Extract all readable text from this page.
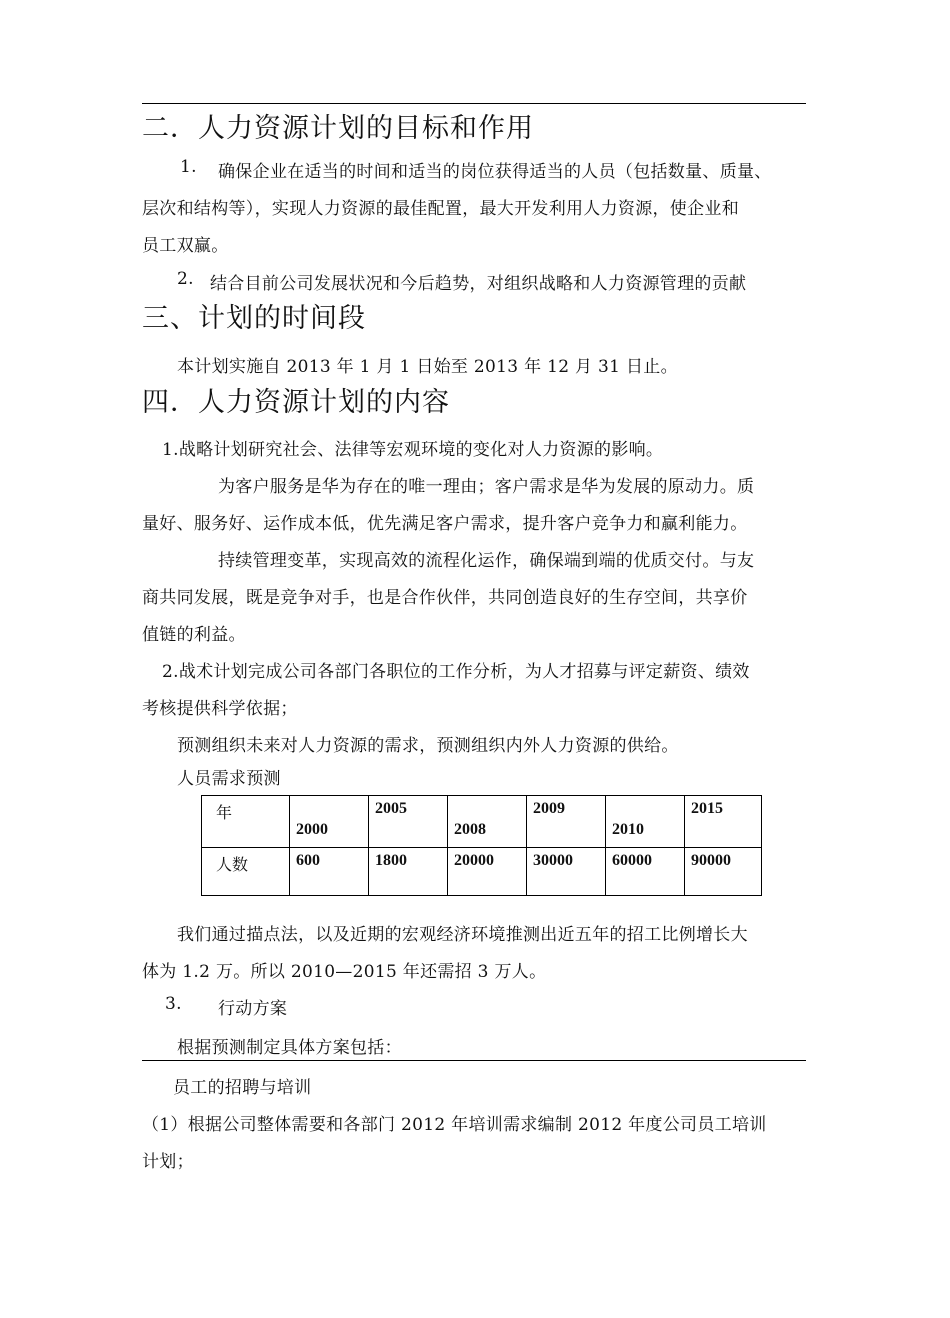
二．人力资源计划的目标和作用
1. 确保企业在适当的时间和适当的岗位获得适当的人员（包括数量、质量、
层次和结构等），实现人力资源的最佳配置，最大开发利用人力资源，使企业和
员工双赢。
2. 结合目前公司发展状况和今后趋势，对组织战略和人力资源管理的贡献
三、计划的时间段
本计划实施自 2013 年 1 月 1 日始至 2013 年 12 月 31 日止。
四．人力资源计划的内容
1.战略计划研究社会、法律等宏观环境的变化对人力资源的影响。
为客户服务是华为存在的唯一理由；客户需求是华为发展的原动力。质
量好、服务好、运作成本低，优先满足客户需求，提升客户竞争力和赢利能力。
持续管理变革，实现高效的流程化运作，确保端到端的优质交付。与友
商共同发展，既是竞争对手，也是合作伙伴，共同创造良好的生存空间，共享价
值链的利益。
2.战术计划完成公司各部门各职位的工作分析，为人才招募与评定薪资、绩效
考核提供科学依据；
预测组织未来对人力资源的需求，预测组织内外人力资源的供给。
人员需求预测
年	2000	2005	2008	2009	2010	2015
人数	600	1800	20000	30000	60000	90000
我们通过描点法，以及近期的宏观经济环境推测出近五年的招工比例增长大
体为 1.2 万。所以 2010—2015 年还需招 3 万人。
3. 行动方案
根据预测制定具体方案包括：
员工的招聘与培训
（1）根据公司整体需要和各部门 2012 年培训需求编制 2012 年度公司员工培训
计划；
